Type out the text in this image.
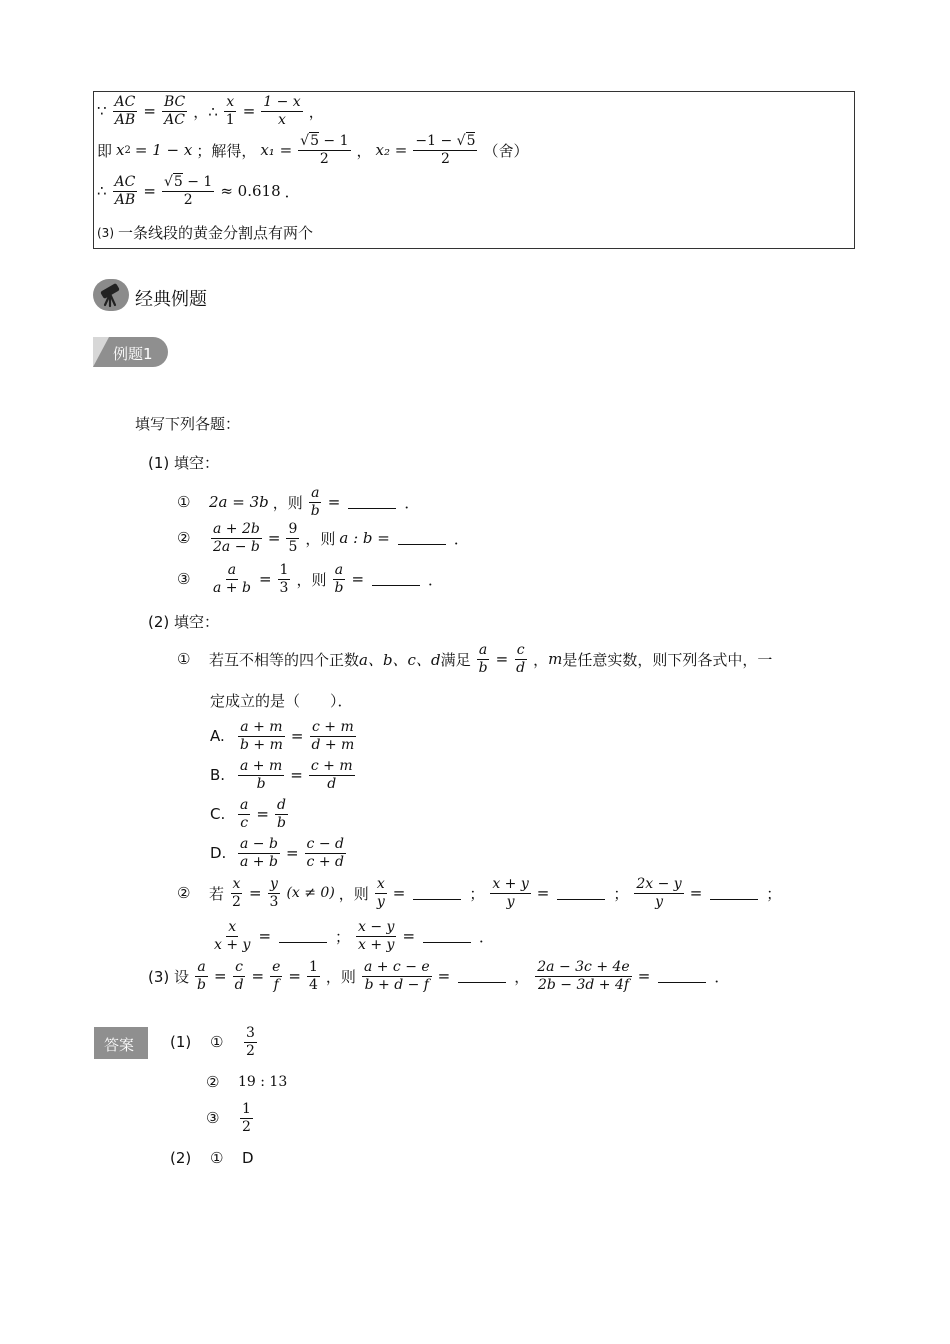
∵ $\frac{AC}{AB} = \frac{BC}{AC}$ ，∴ $\frac{x}{1} = \frac{1 - x}{x}$ ，
即 x 2 = 1 − x ；解得， $x_1 = \frac{√5 - 1}{2}$ ， $x_2 = \frac{-1 - √5}{2}$ （舍）
∴ $\frac{AC}{AB} = \frac{√5 - 1}{2} \approx 0.618$ ．
(3) 一条线段的黄金分割点有两个
经典例题
例题1
填写下列各题：
(1) 填空：
①	2a = 3b ，则 $\frac{a}{b}$ =	．
②	$\frac{a + 2b}{2a - b} = \frac{9}{5}$ ，则 a : b =	．
③	$\frac{a}{a + b} = \frac{1}{3}$ ，则 $\frac{a}{b}$ =	．
(2) 填空：
①	若互不相等的四个正数 a、b、c、d 满足 $\frac{a}{b} = \frac{c}{d}$ ， m 是任意实数，则下列各式中，一
定成立的是（　　）．
A. $\frac{a + m}{b + m} = \frac{c + m}{d + m}$
B. $\frac{a + m}{b} = \frac{c + m}{d}$
C. $\frac{a}{c} = \frac{d}{b}$
D. $\frac{a - b}{a + b} = \frac{c - d}{c + d}$
②	若 $\frac{x}{2} = \frac{y}{3} (x \ne 0)$ ，则 $\frac{x}{y}$ =	； $\frac{x + y}{y}$ =	； $\frac{2x - y}{y}$ =	；
$\frac{x}{x + y}$ =	； $\frac{x - y}{x + y}$ =	．
(3) 设 $\frac{a}{b} = \frac{c}{d} = \frac{e}{f} = \frac{1}{4}$ ，则 $\frac{a + c - e}{b + d - f}$ =	， $\frac{2a - 3c + 4e}{2b - 3d + 4f}$ =	．
答案 (1)	①	$\frac{3}{2}$
②	19 : 13
③	$\frac{1}{2}$
(2)	①	D
